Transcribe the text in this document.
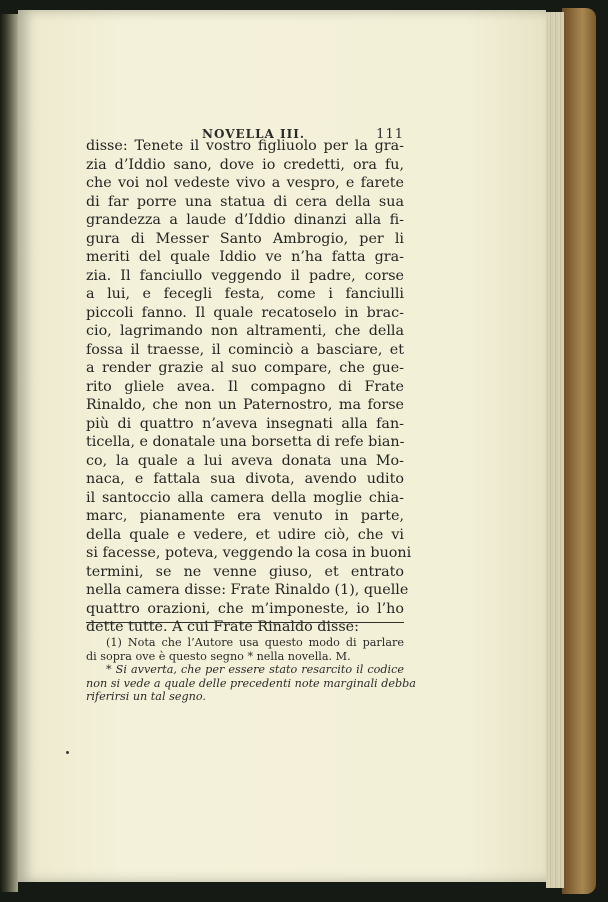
NOVELLA III.	111
disse: Tenete il vostro figliuolo per la gra-
zia d’Iddio sano, dove io credetti, ora fu,
che voi nol vedeste vivo a vespro, e farete
di far porre una statua di cera della sua
grandezza a laude d’Iddio dinanzi alla fi-
gura di Messer Santo Ambrogio, per li
meriti del quale Iddio ve n’ha fatta gra-
zia. Il fanciullo veggendo il padre, corse
a lui, e fecegli festa, come i fanciulli
piccoli fanno. Il quale recatoselo in brac-
cio, lagrimando non altramenti, che della
fossa il traesse, il cominciò a basciare, et
a render grazie al suo compare, che gue-
rito gliele avea. Il compagno di Frate
Rinaldo, che non un Paternostro, ma forse
più di quattro n’aveva insegnati alla fan-
ticella, e donatale una borsetta di refe bian-
co, la quale a lui aveva donata una Mo-
naca, e fattala sua divota, avendo udito
il santoccio alla camera della moglie chia-
marc, pianamente era venuto in parte,
della quale e vedere, et udire ciò, che vi
si facesse, poteva, veggendo la cosa in buoni
termini, se ne venne giuso, et entrato
nella camera disse: Frate Rinaldo (1), quelle
quattro orazioni, che m’imponeste, io l’ho
dette tutte. A cui Frate Rinaldo disse:
(1) Nota che l’Autore usa questo modo di parlare
di sopra ove è questo segno * nella novella. M.
* Si avverta, che per essere stato resarcito il codice
non si vede a quale delle precedenti note marginali debba
riferirsi un tal segno.
